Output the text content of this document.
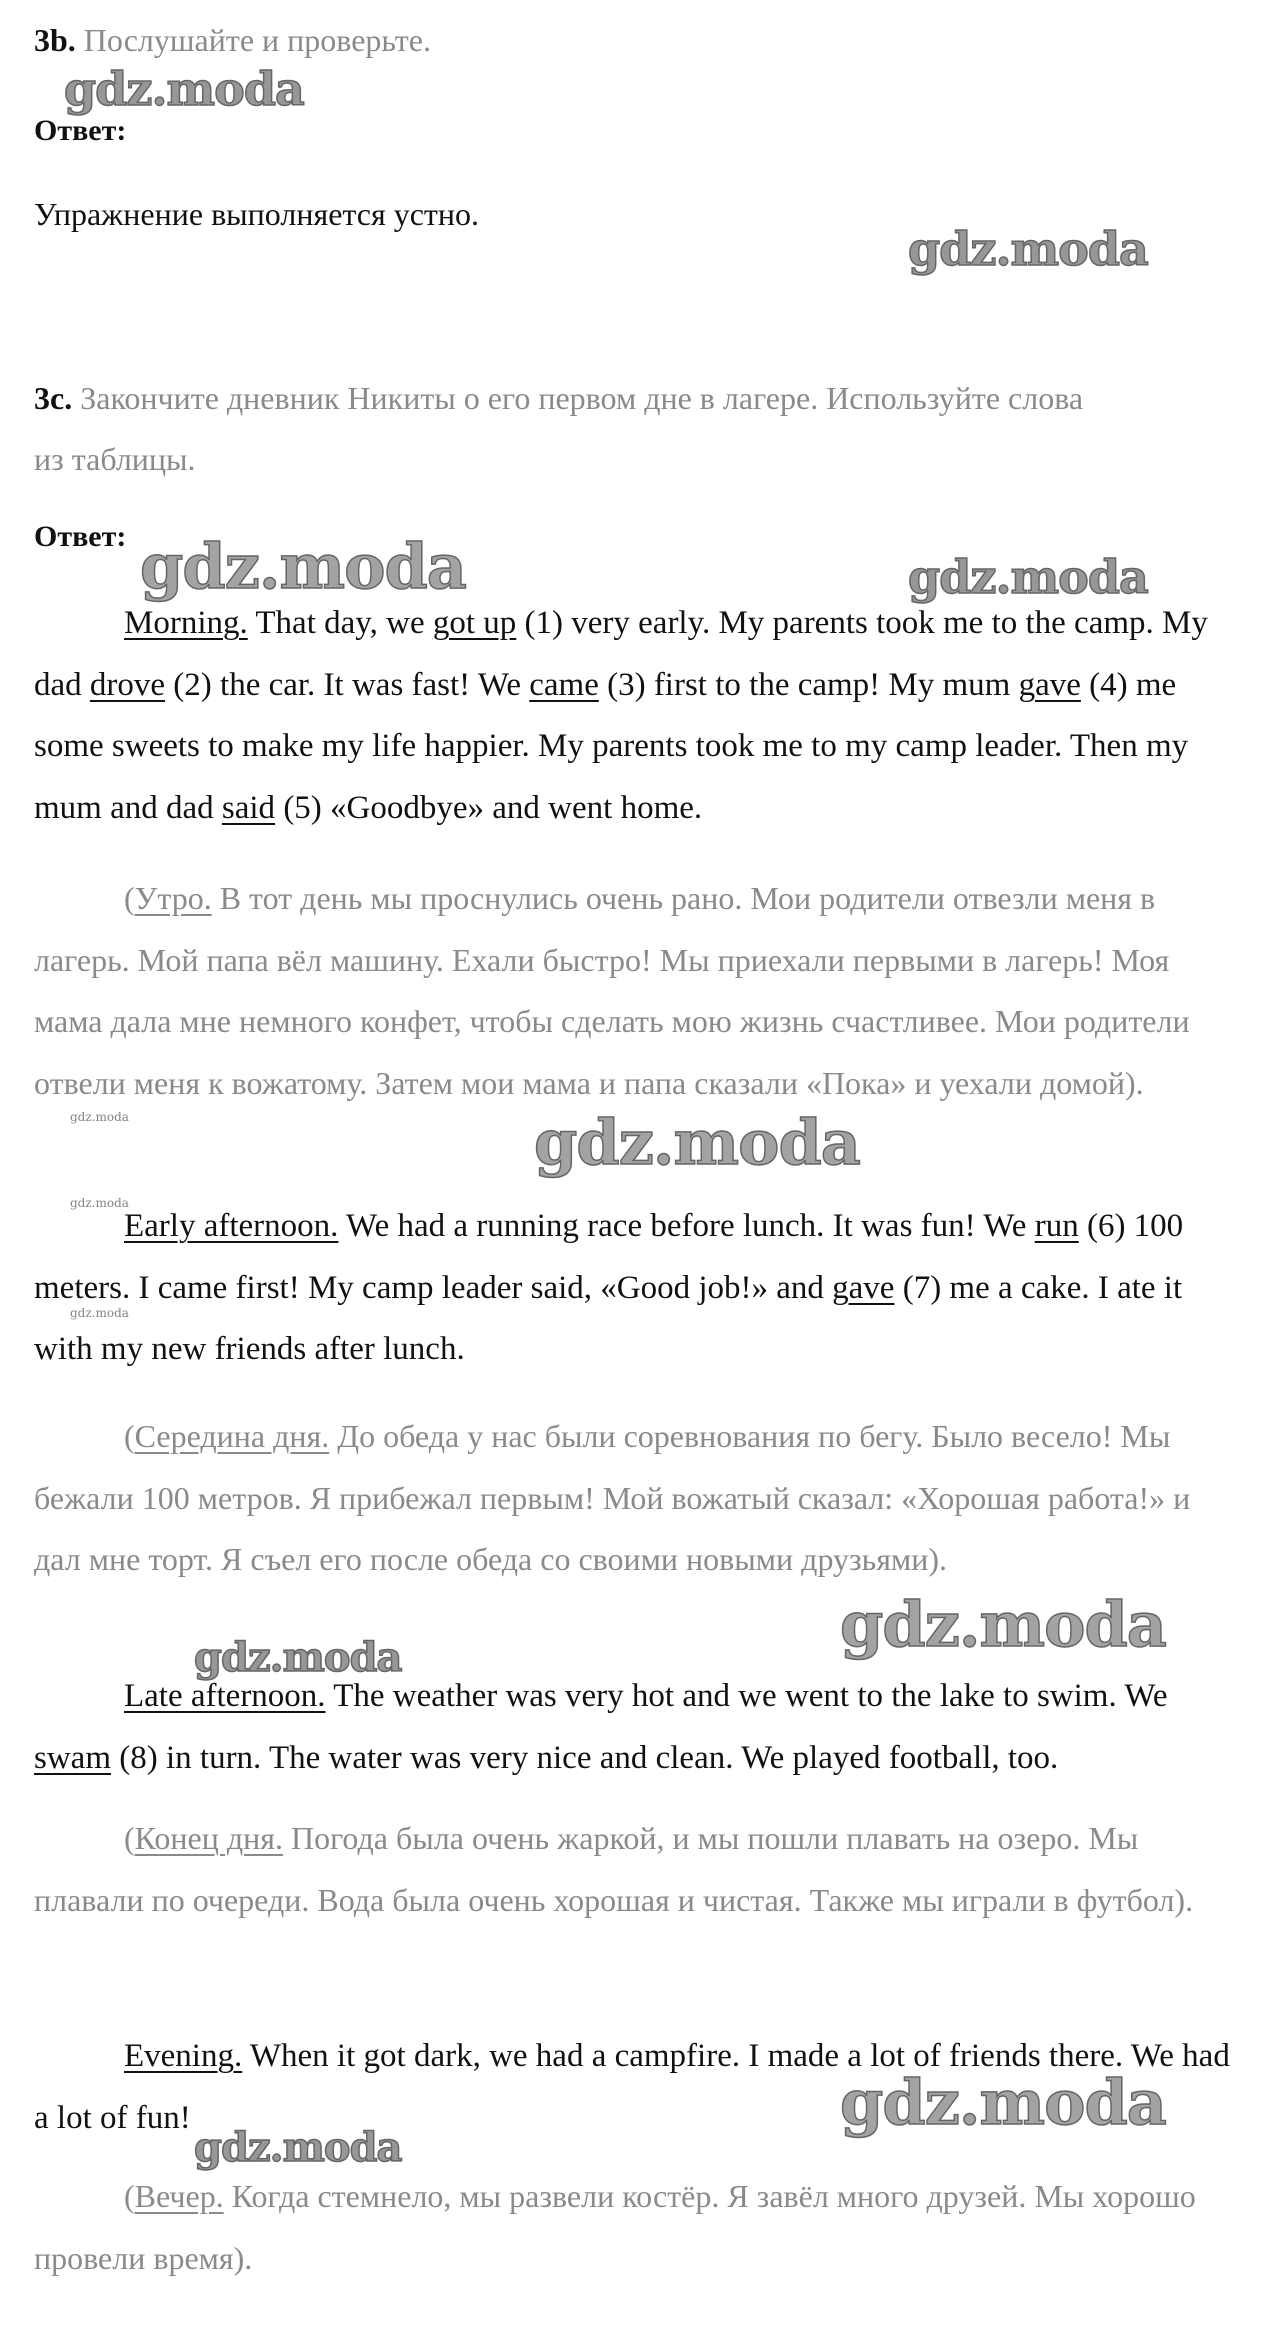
3b. Послушайте и проверьте.
Ответ:
Упражнение выполняется устно.
3c. Закончите дневник Никиты о его первом дне в лагере. Используйте слова
из таблицы.
Ответ:
Morning. That day, we got up (1) very early. My parents took me to the camp. My dad drove (2) the car. It was fast! We came (3) first to the camp! My mum gave (4) me some sweets to make my life happier. My parents took me to my camp leader. Then my mum and dad said (5) «Goodbye» and went home.
(Утро. В тот день мы проснулись очень рано. Мои родители отвезли меня в лагерь. Мой папа вёл машину. Ехали быстро! Мы приехали первыми в лагерь! Моя мама дала мне немного конфет, чтобы сделать мою жизнь счастливее. Мои родители отвели меня к вожатому. Затем мои мама и папа сказали «Пока» и уехали домой).
Early afternoon. We had a running race before lunch. It was fun! We run (6) 100 meters. I came first! My camp leader said, «Good job!» and gave (7) me a cake. I ate it with my new friends after lunch.
(Середина дня. До обеда у нас были соревнования по бегу. Было весело! Мы бежали 100 метров. Я прибежал первым! Мой вожатый сказал: «Хорошая работа!» и дал мне торт. Я съел его после обеда со своими новыми друзьями).
Late afternoon. The weather was very hot and we went to the lake to swim. We swam (8) in turn. The water was very nice and clean. We played football, too.
(Конец дня. Погода была очень жаркой, и мы пошли плавать на озеро. Мы плавали по очереди. Вода была очень хорошая и чистая. Также мы играли в футбол).
Evening. When it got dark, we had a campfire. I made a lot of friends there. We had a lot of fun!
(Вечер. Когда стемнело, мы развели костёр. Я завёл много друзей. Мы хорошо провели время).
gdz.moda
gdz.moda
gdz.moda	gdz.moda
gdz.moda	gdz.moda
gdz.moda
gdz.moda
gdz.moda
gdz.moda
gdz.moda
gdz.moda
